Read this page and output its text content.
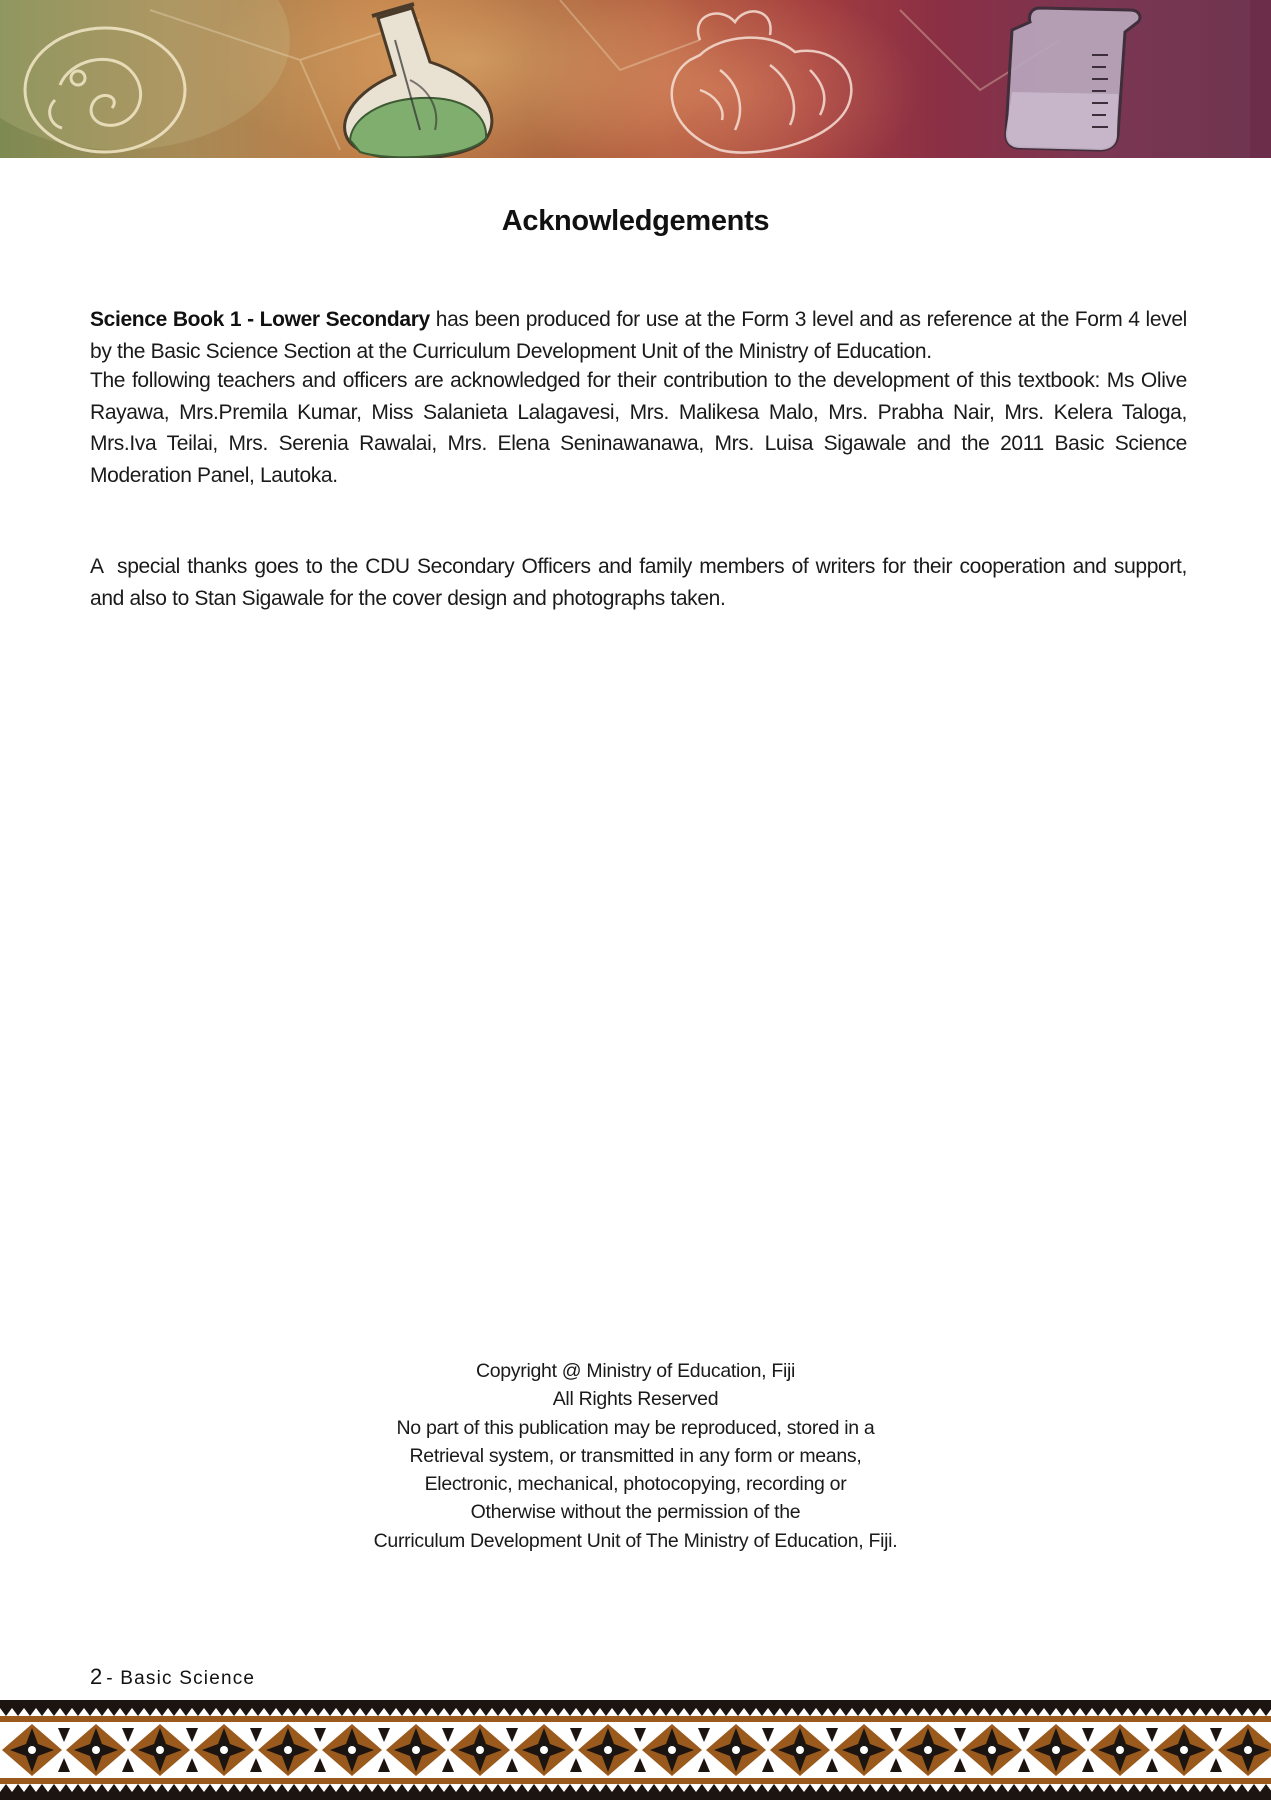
Acknowledgements

Science Book 1 - Lower Secondary has been produced for use at the Form 3 level and as reference at the Form 4 level by the Basic Science Section at the Curriculum Development Unit of the Ministry of Education.

The following teachers and officers are acknowledged for their contribution to the development of this textbook: Ms Olive Rayawa, Mrs.Premila Kumar, Miss Salanieta Lalagavesi, Mrs. Malikesa Malo, Mrs. Prabha Nair, Mrs. Kelera Taloga, Mrs.Iva Teilai, Mrs. Serenia Rawalai, Mrs. Elena Seninawanawa, Mrs. Luisa Sigawale and the 2011 Basic Science Moderation Panel, Lautoka.

A  special thanks goes to the CDU Secondary Officers and family members of writers for their cooperation and support, and also to Stan Sigawale for the cover design and photographs taken.

Copyright @ Ministry of Education, Fiji
All Rights Reserved
No part of this publication may be reproduced, stored in a
Retrieval system, or transmitted in any form or means,
Electronic, mechanical, photocopying, recording or
Otherwise without the permission of the
Curriculum Development Unit of The Ministry of Education, Fiji.
2 - Basic Science
